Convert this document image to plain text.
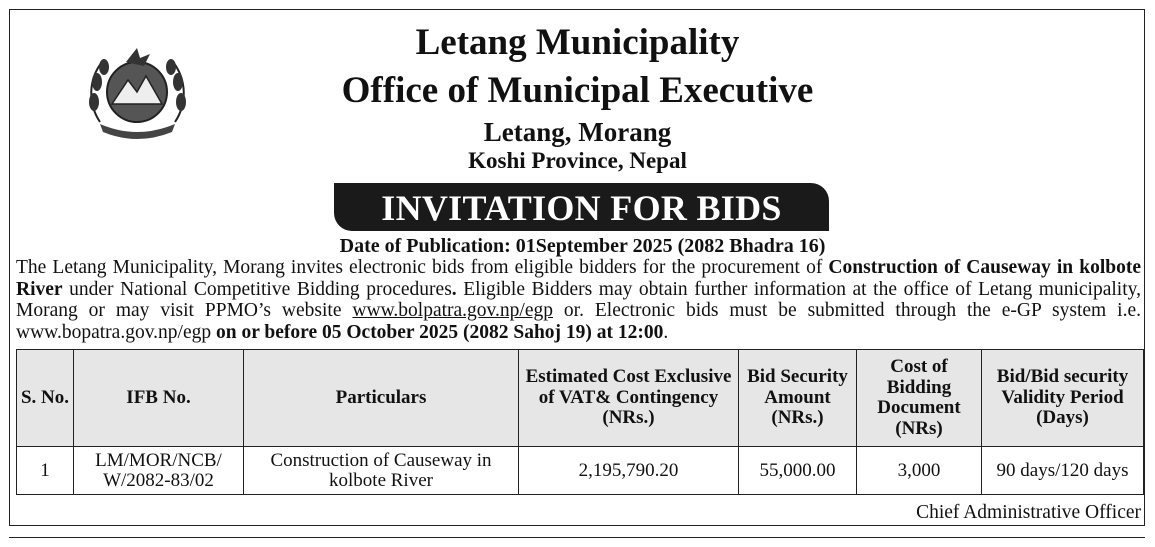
Letang Municipality
Office of Municipal Executive
Letang, Morang
Koshi Province, Nepal
INVITATION FOR BIDS
Date of Publication: 01September 2025 (2082 Bhadra 16)
The Letang Municipality, Morang invites electronic bids from eligible bidders for the procurement of Construction of Causeway in kolbote River under National Competitive Bidding procedures. Eligible Bidders may obtain further information at the office of Letang municipality, Morang or may visit PPMO’s website www.bolpatra.gov.np/egp or. Electronic bids must be submitted through the e-GP system i.e. www.bopatra.gov.np/egp on or before 05 October 2025 (2082 Sahoj 19) at 12:00.
S. No.	IFB No.	Particulars	Estimated Cost Exclusive of VAT& Contingency (NRs.)	Bid Security Amount (NRs.)	Cost of Bidding Document (NRs)	Bid/Bid security Validity Period (Days)
1	LM/MOR/NCB/ W/2082-83/02	Construction of Causeway in kolbote River	2,195,790.20	55,000.00	3,000	90 days/120 days
Chief Administrative Officer
